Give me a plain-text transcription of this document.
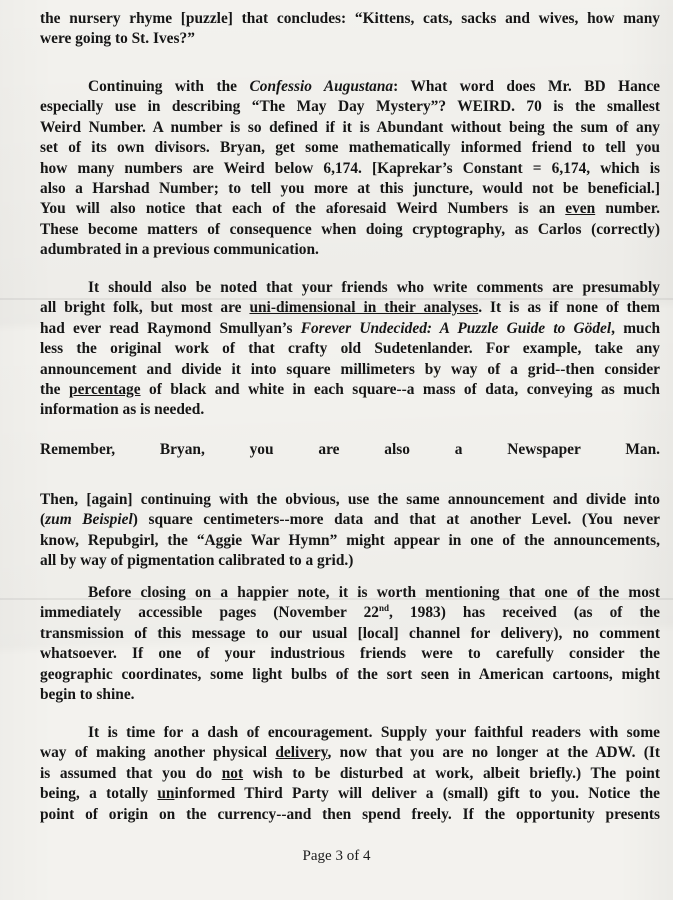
the nursery rhyme [puzzle] that concludes: “Kittens, cats, sacks and wives, how many
were going to St. Ives?”

Continuing with the Confessio Augustana: What word does Mr. BD Hance
especially use in describing “The May Day Mystery”? WEIRD. 70 is the smallest
Weird Number. A number is so defined if it is Abundant without being the sum of any
set of its own divisors. Bryan, get some mathematically informed friend to tell you
how many numbers are Weird below 6,174. [Kaprekar’s Constant = 6,174, which is
also a Harshad Number; to tell you more at this juncture, would not be beneficial.]
You will also notice that each of the aforesaid Weird Numbers is an even number.
These become matters of consequence when doing cryptography, as Carlos (correctly)
adumbrated in a previous communication.

It should also be noted that your friends who write comments are presumably
all bright folk, but most are uni-dimensional in their analyses. It is as if none of them
had ever read Raymond Smullyan’s Forever Undecided: A Puzzle Guide to Gödel, much
less the original work of that crafty old Sudetenlander. For example, take any
announcement and divide it into square millimeters by way of a grid--then consider
the percentage of black and white in each square--a mass of data, conveying as much
information as is needed.

Remember, Bryan, you are also a Newspaper Man.

Then, [again] continuing with the obvious, use the same announcement and divide into
(zum Beispiel) square centimeters--more data and that at another Level. (You never
know, Repubgirl, the “Aggie War Hymn” might appear in one of the announcements,
all by way of pigmentation calibrated to a grid.)

Before closing on a happier note, it is worth mentioning that one of the most
immediately accessible pages (November 22nd, 1983) has received (as of the
transmission of this message to our usual [local] channel for delivery), no comment
whatsoever. If one of your industrious friends were to carefully consider the
geographic coordinates, some light bulbs of the sort seen in American cartoons, might
begin to shine.

It is time for a dash of encouragement. Supply your faithful readers with some
way of making another physical delivery, now that you are no longer at the ADW. (It
is assumed that you do not wish to be disturbed at work, albeit briefly.) The point
being, a totally uninformed Third Party will deliver a (small) gift to you. Notice the
point of origin on the currency--and then spend freely. If the opportunity presents

Page 3 of 4
